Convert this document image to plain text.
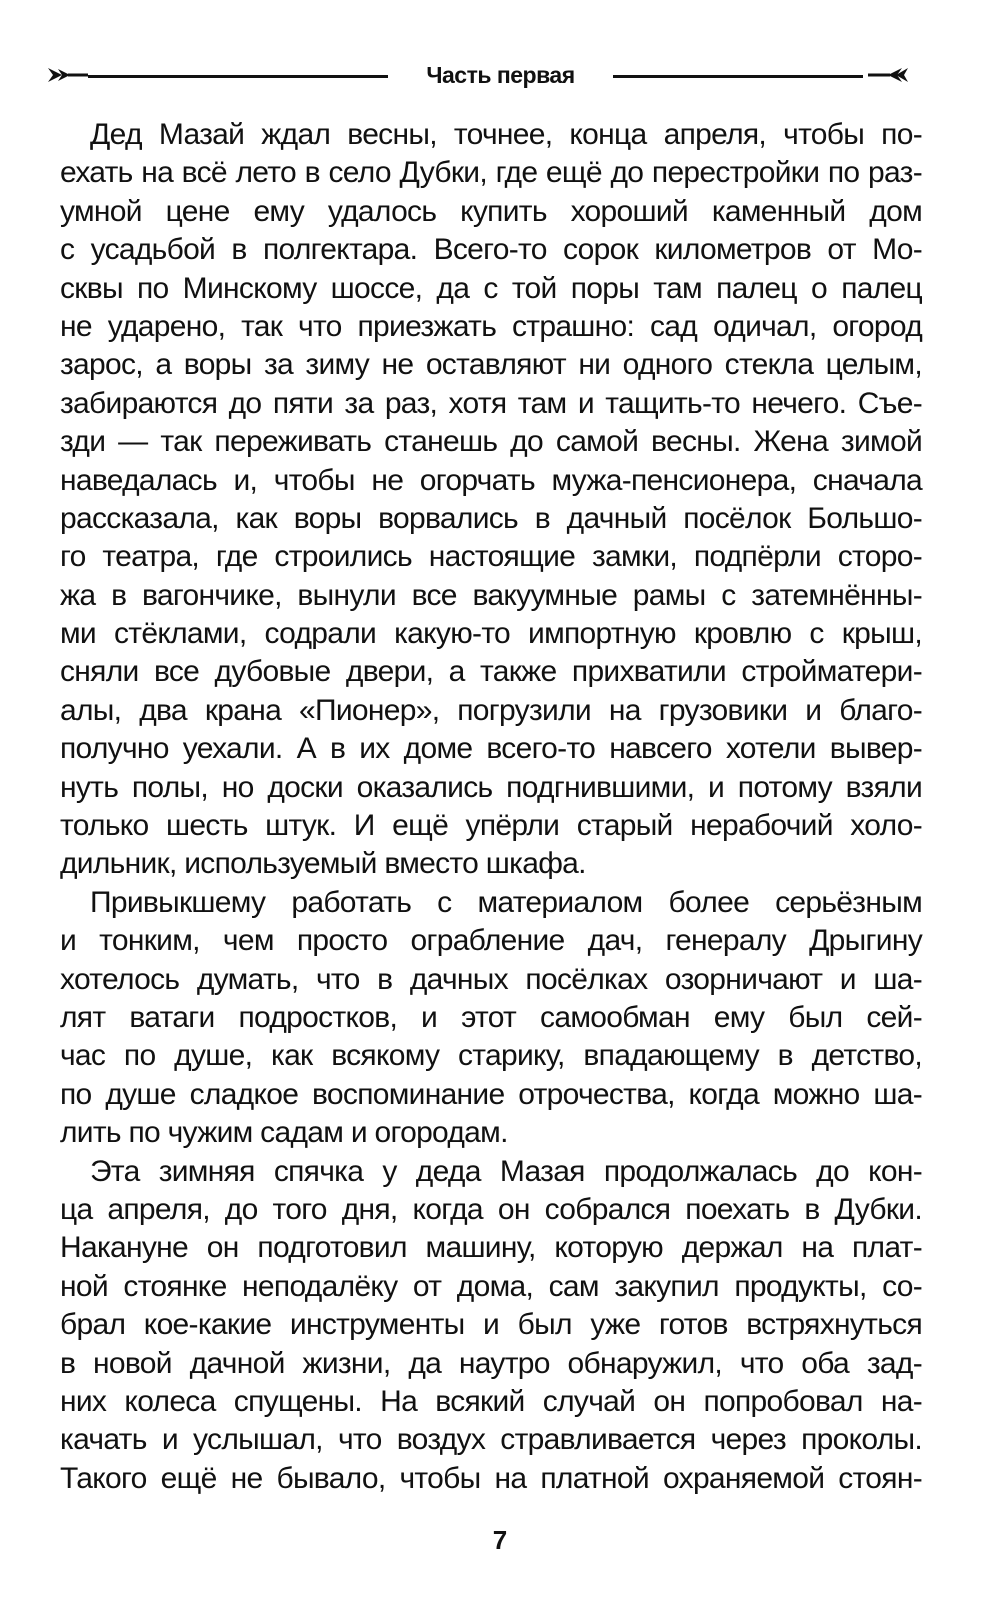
Часть первая
Дед Мазай ждал весны, точнее, конца апреля, чтобы по-
ехать на всё лето в село Дубки, где ещё до перестройки по раз-
умной цене ему удалось купить хороший каменный дом
с усадьбой в полгектара. Всего-то сорок километров от Мо-
сквы по Минскому шоссе, да с той поры там палец о палец
не ударено, так что приезжать страшно: сад одичал, огород
зарос, а воры за зиму не оставляют ни одного стекла целым,
забираются до пяти за раз, хотя там и тащить-то нечего. Съе-
зди — так переживать станешь до самой весны. Жена зимой
наведалась и, чтобы не огорчать мужа-пенсионера, сначала
рассказала, как воры ворвались в дачный посёлок Большо-
го театра, где строились настоящие замки, подпёрли сторо-
жа в вагончике, вынули все вакуумные рамы с затемнённы-
ми стёклами, содрали какую-то импортную кровлю с крыш,
сняли все дубовые двери, а также прихватили стройматери-
алы, два крана «Пионер», погрузили на грузовики и благо-
получно уехали. А в их доме всего-то навсего хотели вывер-
нуть полы, но доски оказались подгнившими, и потому взяли
только шесть штук. И ещё упёрли старый нерабочий холо-
дильник, используемый вместо шкафа.
Привыкшему работать с материалом более серьёзным
и тонким, чем просто ограбление дач, генералу Дрыгину
хотелось думать, что в дачных посёлках озорничают и ша-
лят ватаги подростков, и этот самообман ему был сей-
час по душе, как всякому старику, впадающему в детство,
по душе сладкое воспоминание отрочества, когда можно ша-
лить по чужим садам и огородам.
Эта зимняя спячка у деда Мазая продолжалась до кон-
ца апреля, до того дня, когда он собрался поехать в Дубки.
Накануне он подготовил машину, которую держал на плат-
ной стоянке неподалёку от дома, сам закупил продукты, со-
брал кое-какие инструменты и был уже готов встряхнуться
в новой дачной жизни, да наутро обнаружил, что оба зад-
них колеса спущены. На всякий случай он попробовал на-
качать и услышал, что воздух стравливается через проколы.
Такого ещё не бывало, чтобы на платной охраняемой стоян-
7
